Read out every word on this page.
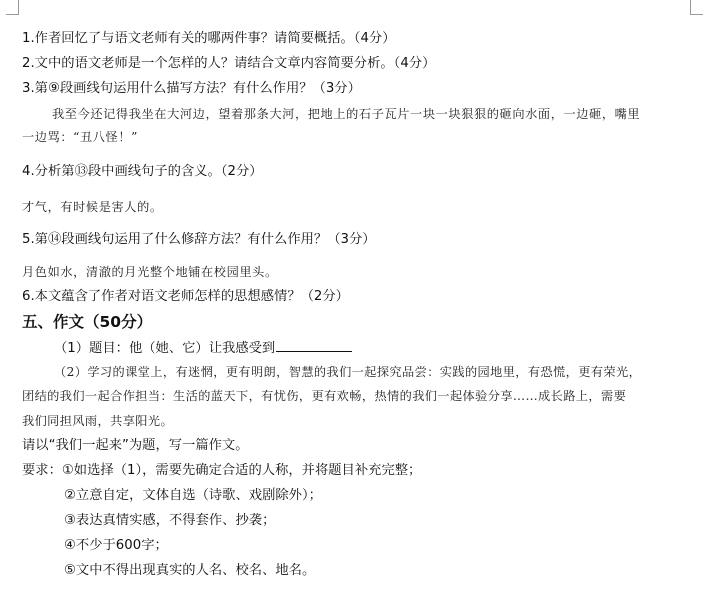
1.作者回忆了与语文老师有关的哪两件事？请简要概括。（4分）
2.文中的语文老师是一个怎样的人？请结合文章内容简要分析。（4分）
3.第⑨段画线句运用什么描写方法？有什么作用？（3分）
我至今还记得我坐在大河边，望着那条大河，把地上的石子瓦片一块一块狠狠的砸向水面，一边砸，嘴里
一边骂：“丑八怪！”
4.分析第⑬段中画线句子的含义。（2分）
才气，有时候是害人的。
5.第⑭段画线句运用了什么修辞方法？有什么作用？（3分）
月色如水，清澈的月光整个地铺在校园里头。
6.本文蕴含了作者对语文老师怎样的思想感情？（2分）
五、作文（50分）
（1）题目：他（她、它）让我感受到
（2）学习的课堂上，有迷惘，更有明朗，智慧的我们一起探究品尝：实践的园地里，有恐慌，更有荣光，
团结的我们一起合作担当：生活的蓝天下，有忧伤，更有欢畅，热情的我们一起体验分享……成长路上，需要
我们同担风雨，共享阳光。
请以“我们一起来”为题，写一篇作文。
要求：①如选择（1），需要先确定合适的人称，并将题目补充完整；
②立意自定，文体自选（诗歌、戏剧除外）；
③表达真情实感，不得套作、抄袭；
④不少于600字；
⑤文中不得出现真实的人名、校名、地名。
